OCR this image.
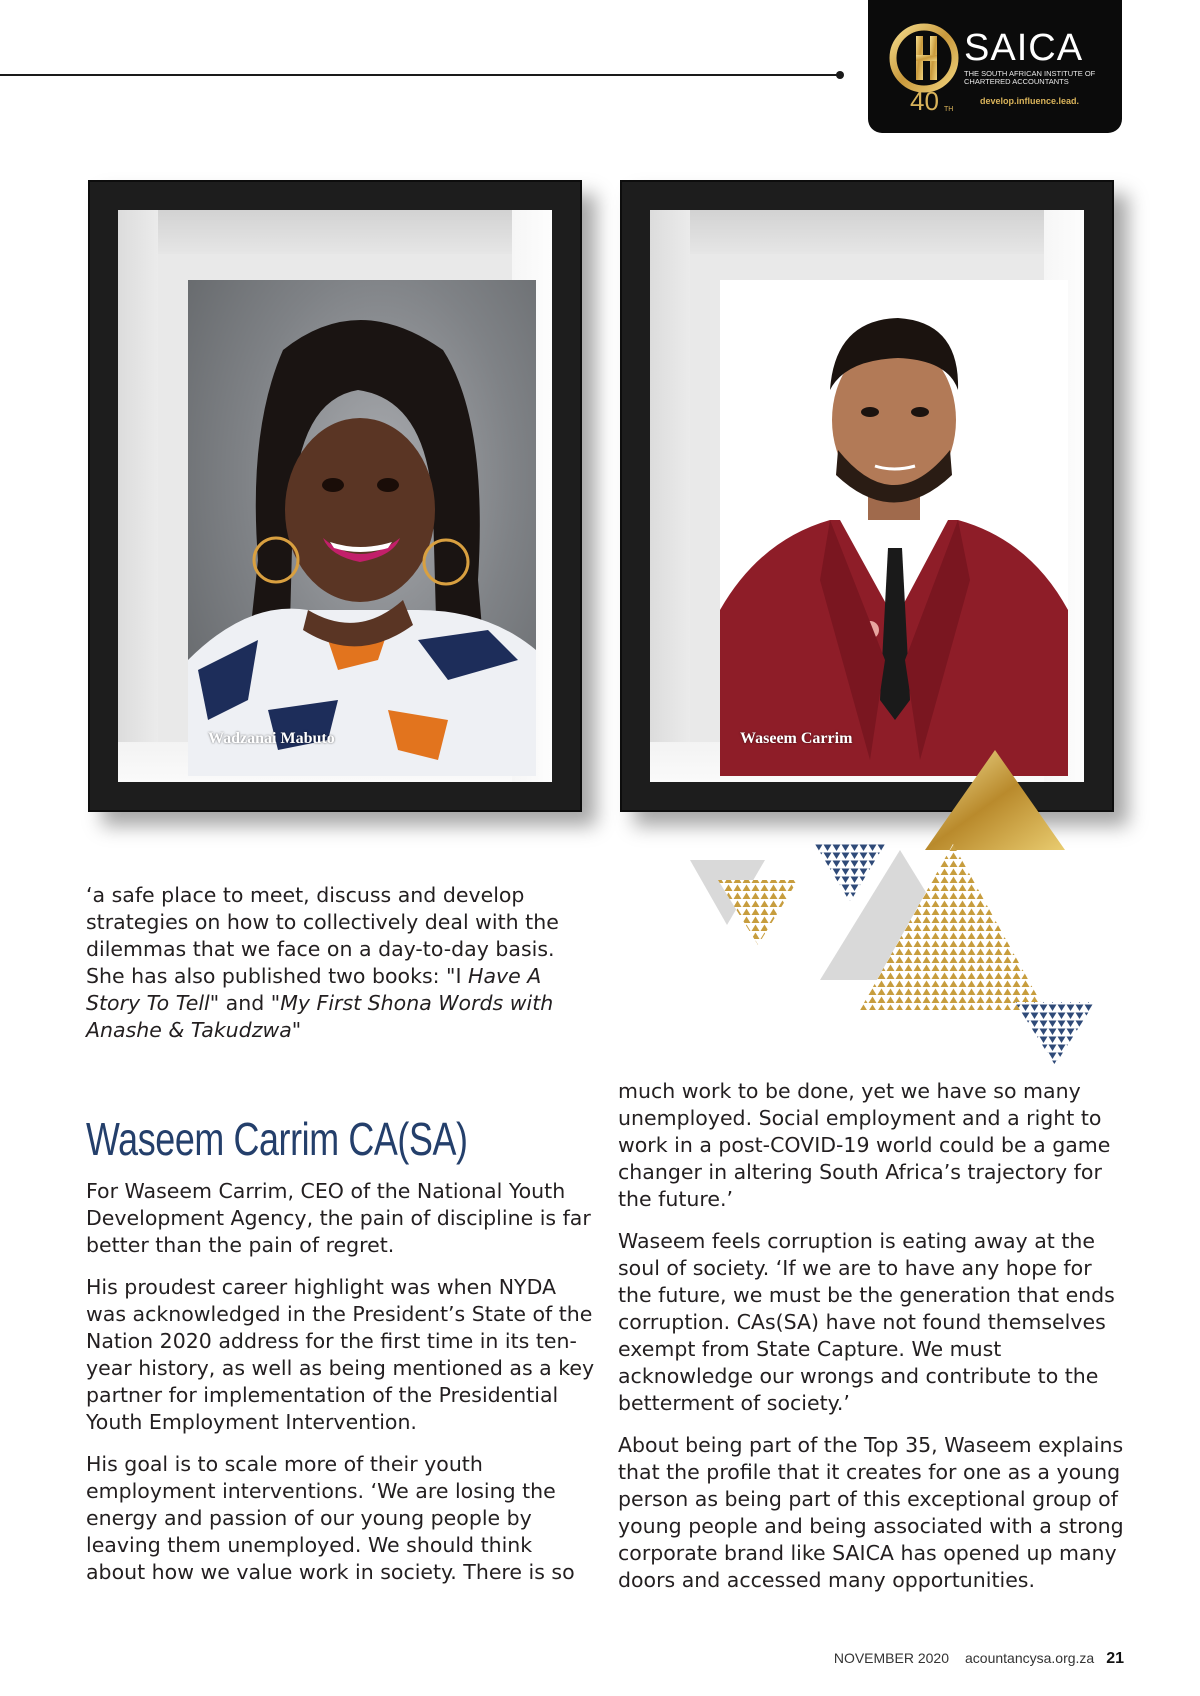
SAICA
THE SOUTH AFRICAN INSTITUTE OF CHARTERED ACCOUNTANTS
40 TH
develop.influence.lead.
Wadzanai Mabuto	Waseem Carrim

‘a safe place to meet, discuss and develop strategies on how to collectively deal with the dilemmas that we face on a day-to-day basis. She has also published two books: "I Have A Story To Tell" and "My First Shona Words with Anashe & Takudzwa"

Waseem Carrim CA(SA)

For Waseem Carrim, CEO of the National Youth Development Agency, the pain of discipline is far better than the pain of regret.

His proudest career highlight was when NYDA was acknowledged in the President’s State of the Nation 2020 address for the first time in its ten-year history, as well as being mentioned as a key partner for implementation of the Presidential Youth Employment Intervention.

His goal is to scale more of their youth employment interventions. ‘We are losing the energy and passion of our young people by leaving them unemployed. We should think about how we value work in society. There is so

much work to be done, yet we have so many unemployed. Social employment and a right to work in a post-COVID-19 world could be a game changer in altering South Africa’s trajectory for the future.’

Waseem feels corruption is eating away at the soul of society. ‘If we are to have any hope for the future, we must be the generation that ends corruption. CAs(SA) have not found themselves exempt from State Capture. We must acknowledge our wrongs and contribute to the betterment of society.’

About being part of the Top 35, Waseem explains that the profile that it creates for one as a young person as being part of this exceptional group of young people and being associated with a strong corporate brand like SAICA has opened up many doors and accessed many opportunities.

NOVEMBER 2020 acountancysa.org.za 21
